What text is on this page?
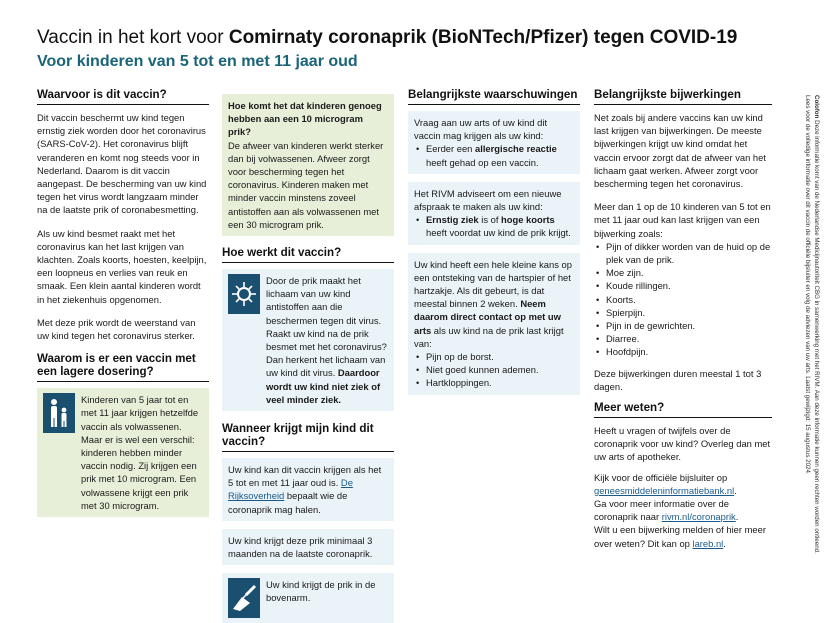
Vaccin in het kort voor Comirnaty coronaprik (BioNTech/Pfizer) tegen COVID-19
Voor kinderen van 5 tot en met 11 jaar oud
Waarvoor is dit vaccin?

Dit vaccin beschermt uw kind tegen ernstig ziek worden door het coronavirus (SARS-CoV-2). Het coronavirus blijft veranderen en komt nog steeds voor in Nederland. Daarom is dit vaccin aangepast. De bescherming van uw kind tegen het virus wordt langzaam minder na de laatste prik of coronabesmetting.

Als uw kind besmet raakt met het coronavirus kan het last krijgen van klachten. Zoals koorts, hoesten, keelpijn, een loopneus en verlies van reuk en smaak. Een klein aantal kinderen wordt in het ziekenhuis opgenomen.

Met deze prik wordt de weerstand van uw kind tegen het coronavirus sterker.

Waarom is er een vaccin met een lagere dosering?
Kinderen van 5 jaar tot en met 11 jaar krijgen hetzelfde vaccin als volwassenen. Maar er is wel een verschil: kinderen hebben minder vaccin nodig. Zij krijgen een prik met 10 microgram. Een volwassene krijgt een prik met 30 microgram.
Hoe komt het dat kinderen genoeg hebben aan een 10 microgram prik?
De afweer van kinderen werkt sterker dan bij volwassenen. Afweer zorgt voor bescherming tegen het coronavirus. Kinderen maken met minder vaccin minstens zoveel antistoffen aan als volwassenen met een 30 microgram prik.
Hoe werkt dit vaccin?
Door de prik maakt het lichaam van uw kind antistoffen aan die beschermen tegen dit virus. Raakt uw kind na de prik besmet met het coronavirus? Dan herkent het lichaam van uw kind dit virus. Daardoor wordt uw kind niet ziek of veel minder ziek.
Wanneer krijgt mijn kind dit vaccin?
Uw kind kan dit vaccin krijgen als het 5 tot en met 11 jaar oud is. De Rijksoverheid bepaalt wie de coronaprik mag halen.
Uw kind krijgt deze prik minimaal 3 maanden na de laatste coronaprik.
Uw kind krijgt de prik in de bovenarm.
Belangrijkste waarschuwingen
Vraag aan uw arts of uw kind dit vaccin mag krijgen als uw kind:
• Eerder een allergische reactie heeft gehad op een vaccin.
Het RIVM adviseert om een nieuwe afspraak te maken als uw kind:
• Ernstig ziek is of hoge koorts heeft voordat uw kind de prik krijgt.
Uw kind heeft een hele kleine kans op een ontsteking van de hartspier of het hartzakje. Als dit gebeurt, is dat meestal binnen 2 weken. Neem daarom direct contact op met uw arts als uw kind na de prik last krijgt van:
• Pijn op de borst.
• Niet goed kunnen ademen.
• Hartkloppingen.
Belangrijkste bijwerkingen

Net zoals bij andere vaccins kan uw kind last krijgen van bijwerkingen. De meeste bijwerkingen krijgt uw kind omdat het vaccin ervoor zorgt dat de afweer van het lichaam gaat werken. Afweer zorgt voor bescherming tegen het coronavirus.

Meer dan 1 op de 10 kinderen van 5 tot en met 11 jaar oud kan last krijgen van een bijwerking zoals:

• Pijn of dikker worden van de huid op de plek van de prik.
• Moe zijn.
• Koude rillingen.
• Koorts.
• Spierpijn.
• Pijn in de gewrichten.
• Diarree.
• Hoofdpijn.

Deze bijwerkingen duren meestal 1 tot 3 dagen.

Meer weten?

Heeft u vragen of twijfels over de coronaprik voor uw kind? Overleg dan met uw arts of apotheker.

Kijk voor de officiële bijsluiter op geneesmiddeleninformatiebank.nl.
Ga voor meer informatie over de coronaprik naar rivm.nl/coronaprik.
Wilt u een bijwerking melden of hier meer over weten? Dit kan op lareb.nl.
Colofon Deze informatie komt van de Nederlandse Medicijnautoriteit CBG in samenwerking met het RIVM. Aan deze informatie kunnen geen rechten worden ontleend. Lees voor de volledige informatie over dit vaccin de officiële bijsluiter en volg de adviezen van uw arts. Laatst gewijzigd: 15 augustus 2024.
